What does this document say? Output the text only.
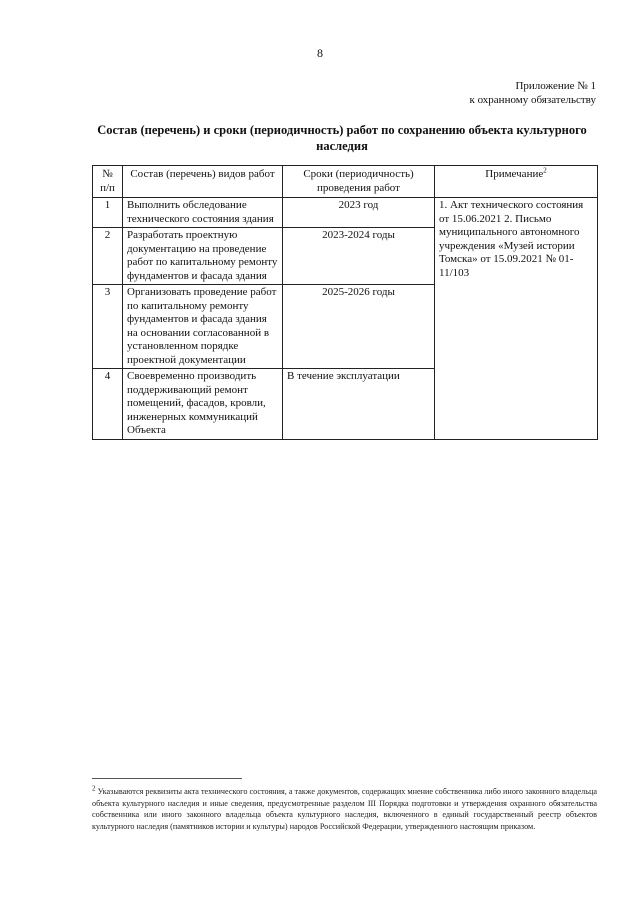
8
Приложение № 1
к охранному обязательству
Состав (перечень) и сроки (периодичность) работ по сохранению объекта культурного наследия
№ п/п	Состав (перечень) видов работ	Сроки (периодичность) проведения работ	Примечание$^2$
1	Выполнить обследование технического состояния здания	2023 год	1. Акт технического состояния от 15.06.2021 2. Письмо муниципального автономного учреждения «Музей истории Томска» от 15.09.2021 № 01-11/103
2	Разработать проектную документацию на проведение работ по капитальному ремонту фундаментов и фасада здания	2023-2024 годы	
3	Организовать проведение работ по капитальному ремонту фундаментов и фасада здания на основании согласованной в установленном порядке проектной документации	2025-2026 годы	
4	Своевременно производить поддерживающий ремонт помещений, фасадов, кровли, инженерных коммуникаций Объекта	В течение эксплуатации	
$^2$ Указываются реквизиты акта технического состояния, а также документов, содержащих мнение собственника либо иного законного владельца объекта культурного наследия и иные сведения, предусмотренные разделом III Порядка подготовки и утверждения охранного обязательства собственника или иного законного владельца объекта культурного наследия, включенного в единый государственный реестр объектов культурного наследия (памятников истории и культуры) народов Российской Федерации, утвержденного настоящим приказом.
